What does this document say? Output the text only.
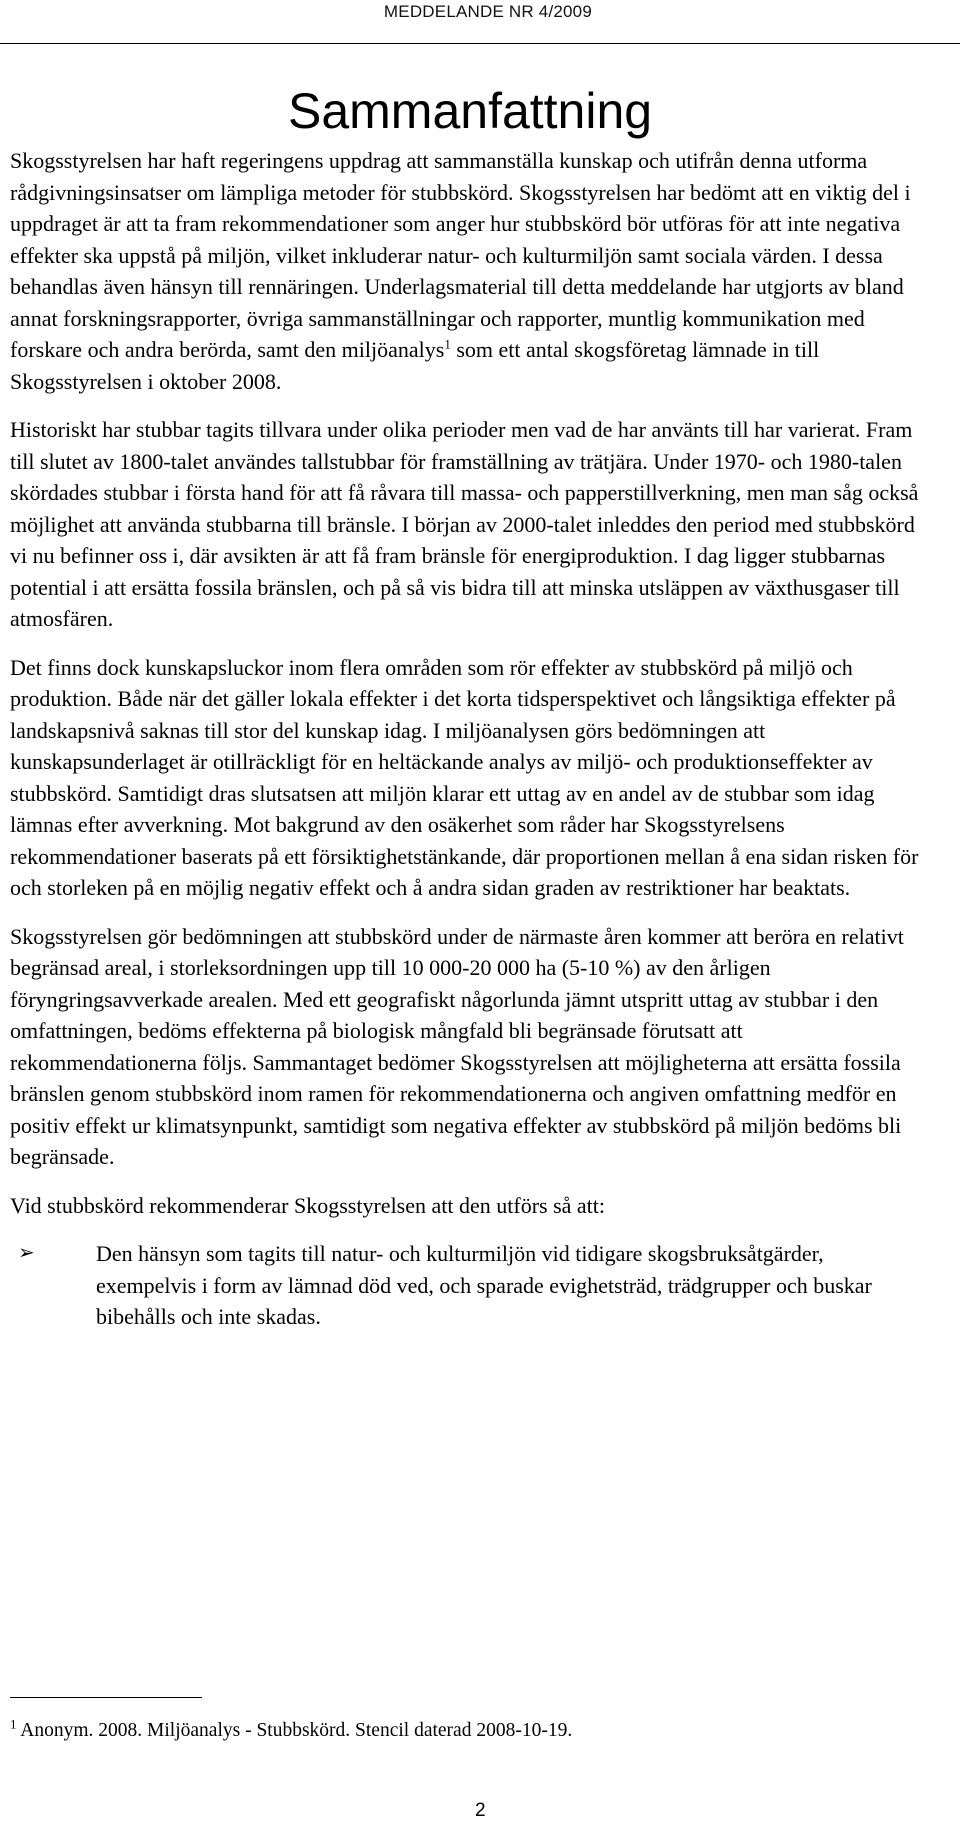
MEDDELANDE NR 4/2009
Sammanfattning

Skogsstyrelsen har haft regeringens uppdrag att sammanställa kunskap och utifrån denna utforma rådgivningsinsatser om lämpliga metoder för stubbskörd. Skogsstyrelsen har bedömt att en viktig del i uppdraget är att ta fram rekommendationer som anger hur stubbskörd bör utföras för att inte negativa effekter ska uppstå på miljön, vilket inkluderar natur- och kulturmiljön samt sociala värden. I dessa behandlas även hänsyn till rennäringen. Underlagsmaterial till detta meddelande har utgjorts av bland annat forskningsrapporter, övriga sammanställningar och rapporter, muntlig kommunikation med forskare och andra berörda, samt den miljöanalys$^1$ som ett antal skogsföretag lämnade in till Skogsstyrelsen i oktober 2008.

Historiskt har stubbar tagits tillvara under olika perioder men vad de har använts till har varierat. Fram till slutet av 1800-talet användes tallstubbar för framställning av trätjära. Under 1970- och 1980-talen skördades stubbar i första hand för att få råvara till massa- och papperstillverkning, men man såg också möjlighet att använda stubbarna till bränsle. I början av 2000-talet inleddes den period med stubbskörd vi nu befinner oss i, där avsikten är att få fram bränsle för energiproduktion. I dag ligger stubbarnas potential i att ersätta fossila bränslen, och på så vis bidra till att minska utsläppen av växthusgaser till atmosfären.

Det finns dock kunskapsluckor inom flera områden som rör effekter av stubbskörd på miljö och produktion. Både när det gäller lokala effekter i det korta tidsperspektivet och långsiktiga effekter på landskapsnivå saknas till stor del kunskap idag. I miljöanalysen görs bedömningen att kunskapsunderlaget är otillräckligt för en heltäckande analys av miljö- och produktionseffekter av stubbskörd. Samtidigt dras slutsatsen att miljön klarar ett uttag av en andel av de stubbar som idag lämnas efter avverkning. Mot bakgrund av den osäkerhet som råder har Skogsstyrelsens rekommendationer baserats på ett försiktighetstänkande, där proportionen mellan å ena sidan risken för och storleken på en möjlig negativ effekt och å andra sidan graden av restriktioner har beaktats.

Skogsstyrelsen gör bedömningen att stubbskörd under de närmaste åren kommer att beröra en relativt begränsad areal, i storleksordningen upp till 10 000-20 000 ha (5-10 %) av den årligen föryngringsavverkade arealen. Med ett geografiskt någorlunda jämnt utspritt uttag av stubbar i den omfattningen, bedöms effekterna på biologisk mångfald bli begränsade förutsatt att rekommendationerna följs. Sammantaget bedömer Skogsstyrelsen att möjligheterna att ersätta fossila bränslen genom stubbskörd inom ramen för rekommendationerna och angiven omfattning medför en positiv effekt ur klimatsynpunkt, samtidigt som negativa effekter av stubbskörd på miljön bedöms bli begränsade.

Vid stubbskörd rekommenderar Skogsstyrelsen att den utförs så att:

➢	Den hänsyn som tagits till natur- och kulturmiljön vid tidigare skogsbruksåtgärder, exempelvis i form av lämnad död ved, och sparade evighetsträd, trädgrupper och buskar bibehålls och inte skadas.
$^1$ Anonym. 2008. Miljöanalys - Stubbskörd. Stencil daterad 2008-10-19.
2
